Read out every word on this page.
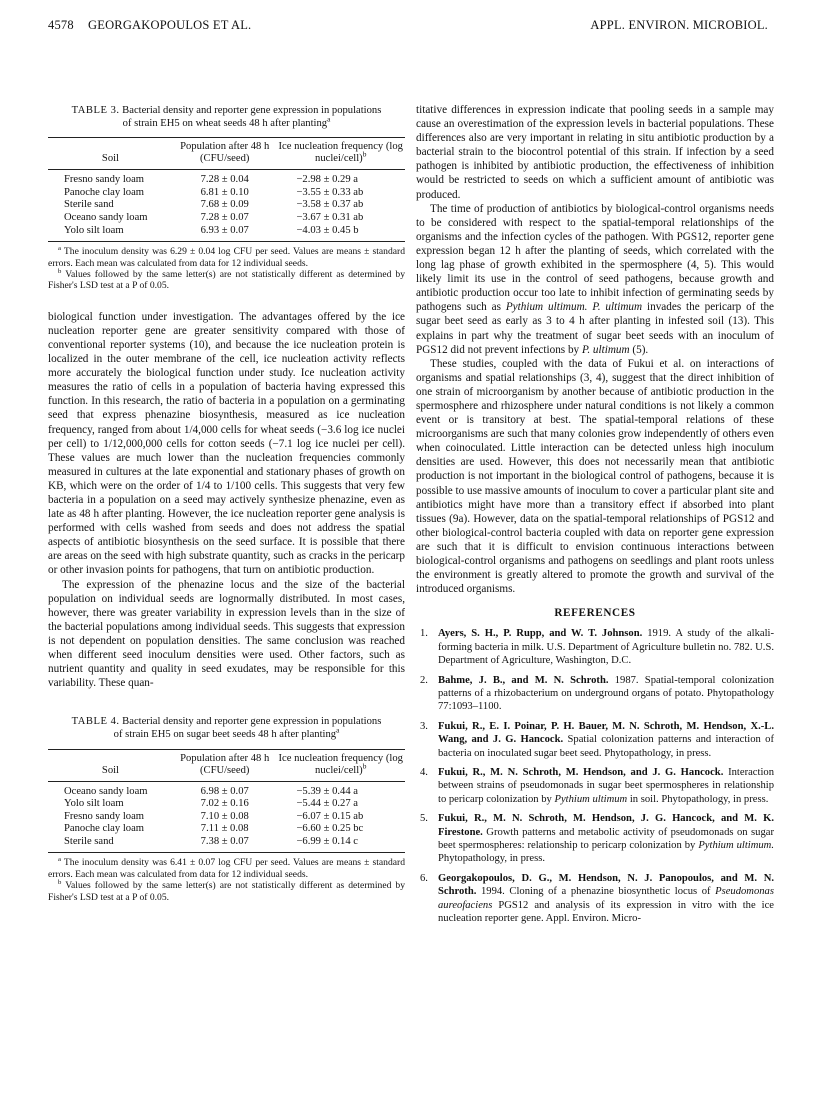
4578 GEORGAKOPOULOS ET AL.	APPL. ENVIRON. MICROBIOL.
TABLE 3. Bacterial density and reporter gene expression in populations of strain EH5 on wheat seeds 48 h after planting$^a$
Soil	Population after 48 h (CFU/seed)	Ice nucleation frequency (log nuclei/cell)$^b$
Fresno sandy loam	7.28 ± 0.04	−2.98 ± 0.29 a
Panoche clay loam	6.81 ± 0.10	−3.55 ± 0.33 ab
Sterile sand	7.68 ± 0.09	−3.58 ± 0.37 ab
Oceano sandy loam	7.28 ± 0.07	−3.67 ± 0.31 ab
Yolo silt loam	6.93 ± 0.07	−4.03 ± 0.45 b
$^a$ The inoculum density was 6.29 ± 0.04 log CFU per seed. Values are means ± standard errors. Each mean was calculated from data for 12 individual seeds.
$^b$ Values followed by the same letter(s) are not statistically different as determined by Fisher's LSD test at a P of 0.05.

biological function under investigation. The advantages offered by the ice nucleation reporter gene are greater sensitivity compared with those of conventional reporter systems (10), and because the ice nucleation protein is localized in the outer membrane of the cell, ice nucleation activity reflects more accurately the biological function under study. Ice nucleation activity measures the ratio of cells in a population of bacteria having expressed this function. In this research, the ratio of bacteria in a population on a germinating seed that express phenazine biosynthesis, measured as ice nucleation frequency, ranged from about 1/4,000 cells for wheat seeds (−3.6 log ice nuclei per cell) to 1/12,000,000 cells for cotton seeds (−7.1 log ice nuclei per cell). These values are much lower than the nucleation frequencies commonly measured in cultures at the late exponential and stationary phases of growth on KB, which were on the order of 1/4 to 1/100 cells. This suggests that very few bacteria in a population on a seed may actively synthesize phenazine, even as late as 48 h after planting. However, the ice nucleation reporter gene analysis is performed with cells washed from seeds and does not address the spatial aspects of antibiotic biosynthesis on the seed surface. It is possible that there are areas on the seed with high substrate quantity, such as cracks in the pericarp or other invasion points for pathogens, that turn on antibiotic production.

The expression of the phenazine locus and the size of the bacterial population on individual seeds are lognormally distributed. In most cases, however, there was greater variability in expression levels than in the size of the bacterial populations among individual seeds. This suggests that expression is not dependent on population densities. The same conclusion was reached when different seed inoculum densities were used. Other factors, such as nutrient quantity and quality in seed exudates, may be responsible for this variability. These quan-

TABLE 4. Bacterial density and reporter gene expression in populations of strain EH5 on sugar beet seeds 48 h after planting$^a$
Soil	Population after 48 h (CFU/seed)	Ice nucleation frequency (log nuclei/cell)$^b$
Oceano sandy loam	6.98 ± 0.07	−5.39 ± 0.44 a
Yolo silt loam	7.02 ± 0.16	−5.44 ± 0.27 a
Fresno sandy loam	7.10 ± 0.08	−6.07 ± 0.15 ab
Panoche clay loam	7.11 ± 0.08	−6.60 ± 0.25 bc
Sterile sand	7.38 ± 0.07	−6.99 ± 0.14 c
$^a$ The inoculum density was 6.41 ± 0.07 log CFU per seed. Values are means ± standard errors. Each mean was calculated from data for 12 individual seeds.
$^b$ Values followed by the same letter(s) are not statistically different as determined by Fisher's LSD test at a P of 0.05.

titative differences in expression indicate that pooling seeds in a sample may cause an overestimation of the expression levels in bacterial populations. These differences also are very important in relating in situ antibiotic production by a bacterial strain to the biocontrol potential of this strain. If infection by a seed pathogen is inhibited by antibiotic production, the effectiveness of inhibition would be restricted to seeds on which a sufficient amount of antibiotic was produced.

The time of production of antibiotics by biological-control organisms needs to be considered with respect to the spatial-temporal relationships of the organisms and the infection cycles of the pathogen. With PGS12, reporter gene expression began 12 h after the planting of seeds, which correlated with the long lag phase of growth exhibited in the spermosphere (4, 5). This would likely limit its use in the control of seed pathogens, because growth and antibiotic production occur too late to inhibit infection of germinating seeds by pathogens such as Pythium ultimum. P. ultimum invades the pericarp of the sugar beet seed as early as 3 to 4 h after planting in infested soil (13). This explains in part why the treatment of sugar beet seeds with an inoculum of PGS12 did not prevent infections by P. ultimum (5).

These studies, coupled with the data of Fukui et al. on interactions of organisms and spatial relationships (3, 4), suggest that the direct inhibition of one strain of microorganism by another because of antibiotic production in the spermosphere and rhizosphere under natural conditions is not likely a common event or is transitory at best. The spatial-temporal relations of these microorganisms are such that many colonies grow independently of others even when coinoculated. Little interaction can be detected unless high inoculum densities are used. However, this does not necessarily mean that antibiotic production is not important in the biological control of pathogens, because it is possible to use massive amounts of inoculum to cover a particular plant site and antibiotics might have more than a transitory effect if absorbed into plant tissues (9a). However, data on the spatial-temporal relationships of PGS12 and other biological-control bacteria coupled with data on reporter gene expression are such that it is difficult to envision continuous interactions between biological-control organisms and pathogens on seedlings and plant roots unless the environment is greatly altered to promote the growth and survival of the introduced organisms.

REFERENCES
1. Ayers, S. H., P. Rupp, and W. T. Johnson. 1919. A study of the alkali-forming bacteria in milk. U.S. Department of Agriculture bulletin no. 782. U.S. Department of Agriculture, Washington, D.C.
2. Bahme, J. B., and M. N. Schroth. 1987. Spatial-temporal colonization patterns of a rhizobacterium on underground organs of potato. Phytopathology 77:1093–1100.
3. Fukui, R., E. I. Poinar, P. H. Bauer, M. N. Schroth, M. Hendson, X.-L. Wang, and J. G. Hancock. Spatial colonization patterns and interaction of bacteria on inoculated sugar beet seed. Phytopathology, in press.
4. Fukui, R., M. N. Schroth, M. Hendson, and J. G. Hancock. Interaction between strains of pseudomonads in sugar beet spermospheres in relationship to pericarp colonization by Pythium ultimum in soil. Phytopathology, in press.
5. Fukui, R., M. N. Schroth, M. Hendson, J. G. Hancock, and M. K. Firestone. Growth patterns and metabolic activity of pseudomonads on sugar beet spermospheres: relationship to pericarp colonization by Pythium ultimum. Phytopathology, in press.
6. Georgakopoulos, D. G., M. Hendson, N. J. Panopoulos, and M. N. Schroth. 1994. Cloning of a phenazine biosynthetic locus of Pseudomonas aureofaciens PGS12 and analysis of its expression in vitro with the ice nucleation reporter gene. Appl. Environ. Micro-
